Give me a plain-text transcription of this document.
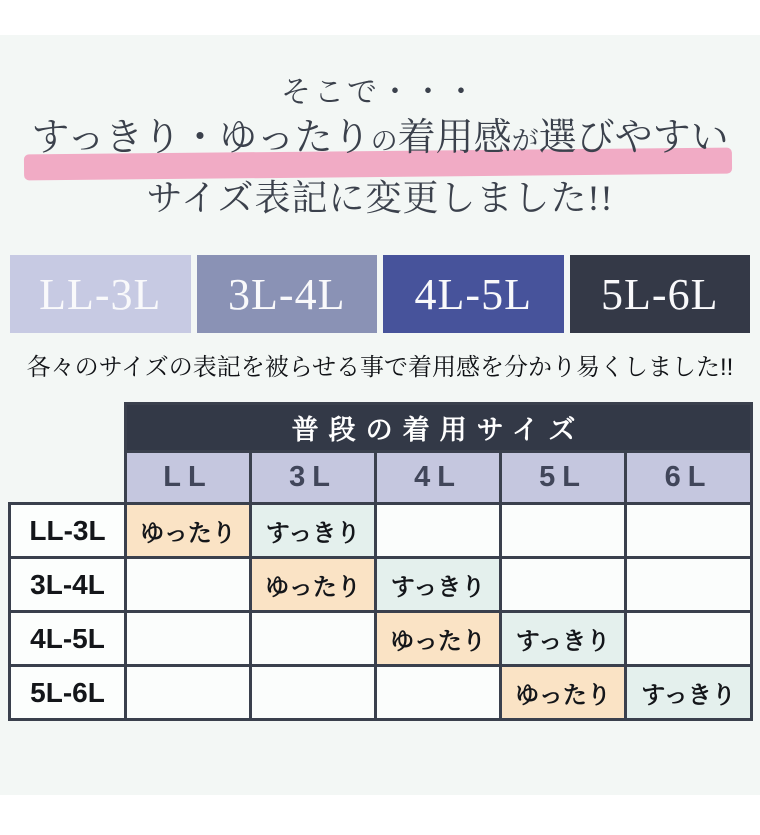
そこで・・・
すっきり・ゆったりの着用感が選びやすい
サイズ表記に変更しました!!
LL-3L	3L-4L	4L-5L	5L-6L
各々のサイズの表記を被らせる事で着用感を分かり易くしました!!
	普段の着用サイズ				
	LL	3L	4L	5L	6L
LL-3L	ゆったり	すっきり			
3L-4L		ゆったり	すっきり		
4L-5L			ゆったり	すっきり	
5L-6L				ゆったり	すっきり
